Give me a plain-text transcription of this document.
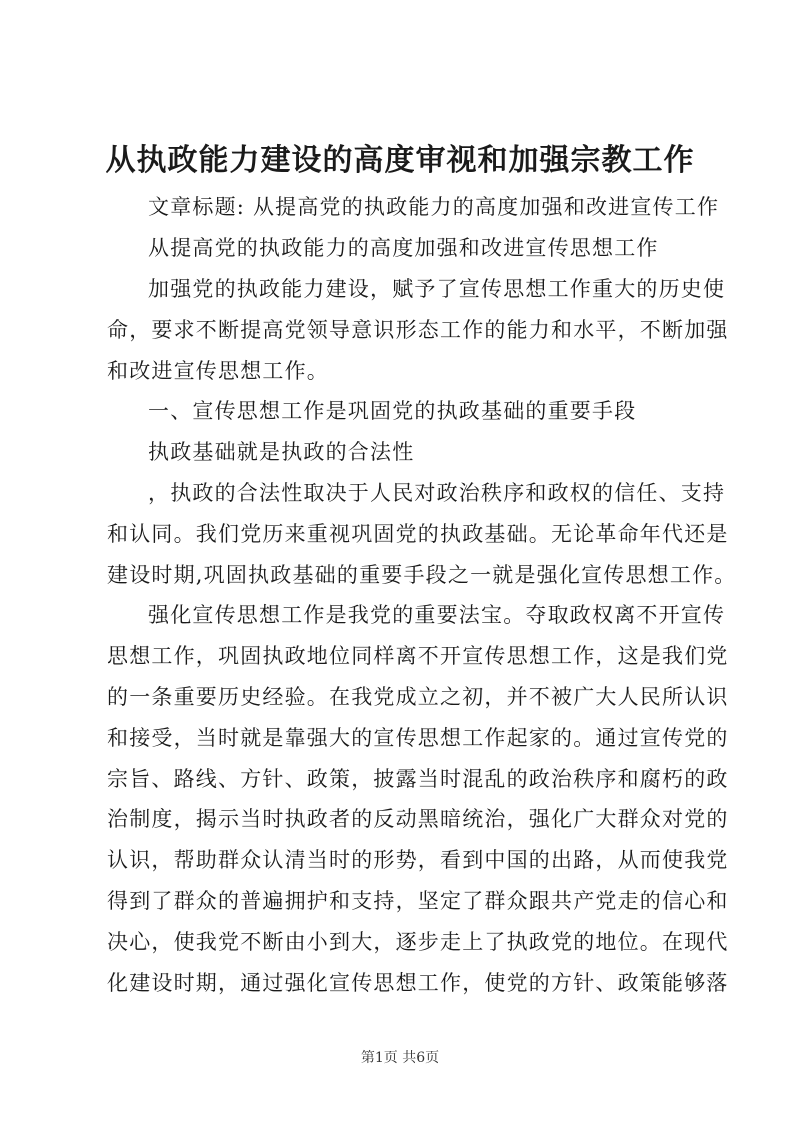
从执政能力建设的高度审视和加强宗教工作
文章标题: 从提高党的执政能力的高度加强和改进宣传工作
从提高党的执政能力的高度加强和改进宣传思想工作
加强党的执政能力建设，赋予了宣传思想工作重大的历史使
命，要求不断提高党领导意识形态工作的能力和水平，不断加强
和改进宣传思想工作。
一、宣传思想工作是巩固党的执政基础的重要手段
执政基础就是执政的合法性
，执政的合法性取决于人民对政治秩序和政权的信任、支持
和认同。我们党历来重视巩固党的执政基础。无论革命年代还是
建设时期,巩固执政基础的重要手段之一就是强化宣传思想工作。
强化宣传思想工作是我党的重要法宝。夺取政权离不开宣传
思想工作，巩固执政地位同样离不开宣传思想工作，这是我们党
的一条重要历史经验。在我党成立之初，并不被广大人民所认识
和接受，当时就是靠强大的宣传思想工作起家的。通过宣传党的
宗旨、路线、方针、政策，披露当时混乱的政治秩序和腐朽的政
治制度，揭示当时执政者的反动黑暗统治，强化广大群众对党的
认识，帮助群众认清当时的形势，看到中国的出路，从而使我党
得到了群众的普遍拥护和支持，坚定了群众跟共产党走的信心和
决心，使我党不断由小到大，逐步走上了执政党的地位。在现代
化建设时期，通过强化宣传思想工作，使党的方针、政策能够落
第1页 共6页
